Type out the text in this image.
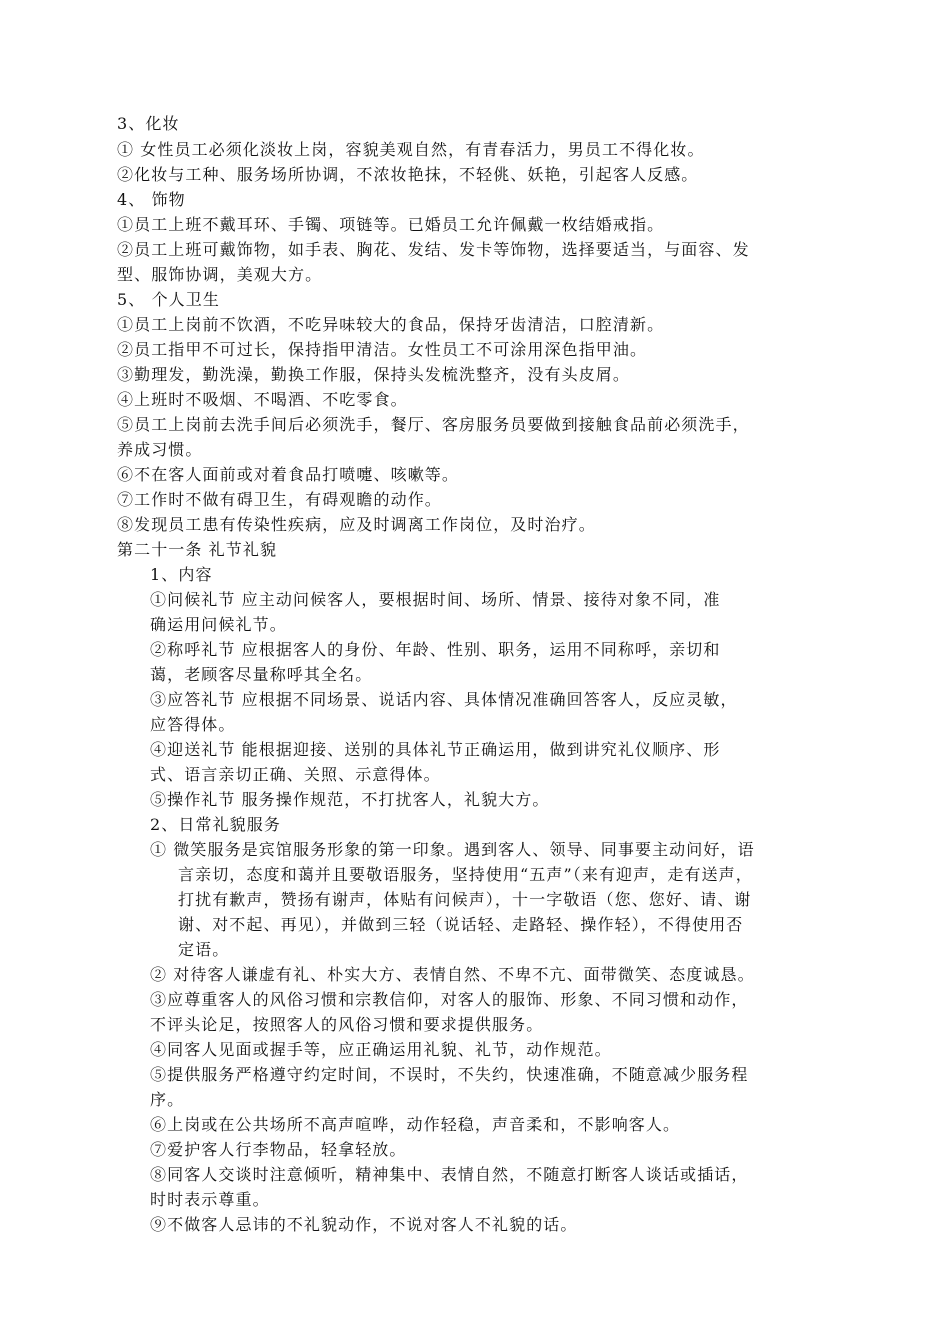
3、化妆
① 女性员工必须化淡妆上岗，容貌美观自然，有青春活力，男员工不得化妆。
②化妆与工种、服务场所协调，不浓妆艳抹，不轻佻、妖艳，引起客人反感。
4、 饰物
①员工上班不戴耳环、手镯、项链等。已婚员工允许佩戴一枚结婚戒指。
②员工上班可戴饰物，如手表、胸花、发结、发卡等饰物，选择要适当，与面容、发
型、服饰协调，美观大方。
5、 个人卫生
①员工上岗前不饮酒，不吃异味较大的食品，保持牙齿清洁，口腔清新。
②员工指甲不可过长，保持指甲清洁。女性员工不可涂用深色指甲油。
③勤理发，勤洗澡，勤换工作服，保持头发梳洗整齐，没有头皮屑。
④上班时不吸烟、不喝酒、不吃零食。
⑤员工上岗前去洗手间后必须洗手，餐厅、客房服务员要做到接触食品前必须洗手，
养成习惯。
⑥不在客人面前或对着食品打喷嚏、咳嗽等。
⑦工作时不做有碍卫生，有碍观瞻的动作。
⑧发现员工患有传染性疾病，应及时调离工作岗位，及时治疗。
第二十一条 礼节礼貌
1、内容
①问候礼节 应主动问候客人，要根据时间、场所、情景、接待对象不同，准
确运用问候礼节。
②称呼礼节 应根据客人的身份、年龄、性别、职务，运用不同称呼，亲切和
蔼，老顾客尽量称呼其全名。
③应答礼节 应根据不同场景、说话内容、具体情况准确回答客人，反应灵敏，
应答得体。
④迎送礼节 能根据迎接、送别的具体礼节正确运用，做到讲究礼仪顺序、形
式、语言亲切正确、关照、示意得体。
⑤操作礼节 服务操作规范，不打扰客人，礼貌大方。
2、日常礼貌服务
① 微笑服务是宾馆服务形象的第一印象。遇到客人、领导、同事要主动问好，语
言亲切，态度和蔼并且要敬语服务，坚持使用“五声”（来有迎声，走有送声，
打扰有歉声，赞扬有谢声，体贴有问候声），十一字敬语（您、您好、请、谢
谢、对不起、再见），并做到三轻（说话轻、走路轻、操作轻），不得使用否
定语。
② 对待客人谦虚有礼、朴实大方、表情自然、不卑不亢、面带微笑、态度诚恳。
③应尊重客人的风俗习惯和宗教信仰，对客人的服饰、形象、不同习惯和动作，
不评头论足，按照客人的风俗习惯和要求提供服务。
④同客人见面或握手等，应正确运用礼貌、礼节，动作规范。
⑤提供服务严格遵守约定时间，不误时，不失约，快速准确，不随意减少服务程
序。
⑥上岗或在公共场所不高声喧哗，动作轻稳，声音柔和，不影响客人。
⑦爱护客人行李物品，轻拿轻放。
⑧同客人交谈时注意倾听，精神集中、表情自然，不随意打断客人谈话或插话，
时时表示尊重。
⑨不做客人忌讳的不礼貌动作，不说对客人不礼貌的话。
